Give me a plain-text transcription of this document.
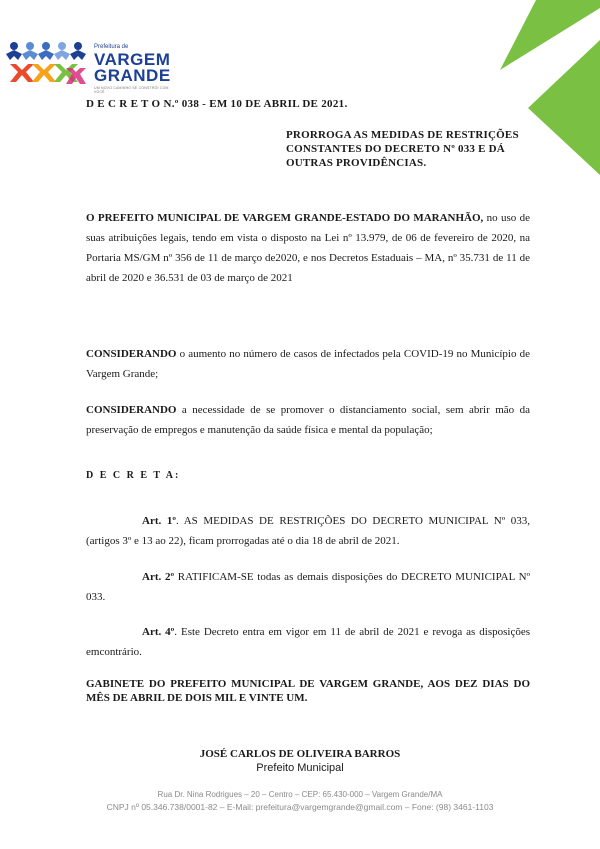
Prefeitura de
VARGEM
GRANDE
UM NOVO CAMINHO SE CONSTRÓI COM VOCÊ
D E C R E T O N.º 038 - EM 10 DE ABRIL DE 2021.
PRORROGA AS MEDIDAS DE RESTRIÇÕES CONSTANTES DO DECRETO Nº 033 E DÁ OUTRAS PROVIDÊNCIAS.

O PREFEITO MUNICIPAL DE VARGEM GRANDE-ESTADO DO MARANHÃO, no uso de suas atribuições legais, tendo em vista o disposto na Lei nº 13.979, de 06 de fevereiro de 2020, na Portaria MS/GM nº 356 de 11 de março de2020, e nos Decretos Estaduais – MA, nº 35.731 de 11 de abril de 2020 e 36.531 de 03 de março de 2021

CONSIDERANDO o aumento no número de casos de infectados pela COVID-19 no Município de Vargem Grande;

CONSIDERANDO a necessidade de se promover o distanciamento social, sem abrir mão da preservação de empregos e manutenção da saúde física e mental da população;

D E C R E T A:

Art. 1º. AS MEDIDAS DE RESTRIÇÕES DO DECRETO MUNICIPAL Nº 033, (artigos 3º e 13 ao 22), ficam prorrogadas até o dia 18 de abril de 2021.

Art. 2º RATIFICAM-SE todas as demais disposições do DECRETO MUNICIPAL Nº 033.

Art. 4º. Este Decreto entra em vigor em 11 de abril de 2021 e revoga as disposições emcontrário.

GABINETE DO PREFEITO MUNICIPAL DE VARGEM GRANDE, AOS DEZ DIAS DO MÊS DE ABRIL DE DOIS MIL E VINTE UM.
JOSÉ CARLOS DE OLIVEIRA BARROS
Prefeito Municipal
Rua Dr. Nina Rodrigues – 20 – Centro – CEP: 65.430-000 – Vargem Grande/MA
CNPJ nº 05.346.738/0001-82 – E-Mail: prefeitura@vargemgrande@gmail.com – Fone: (98) 3461-1103
